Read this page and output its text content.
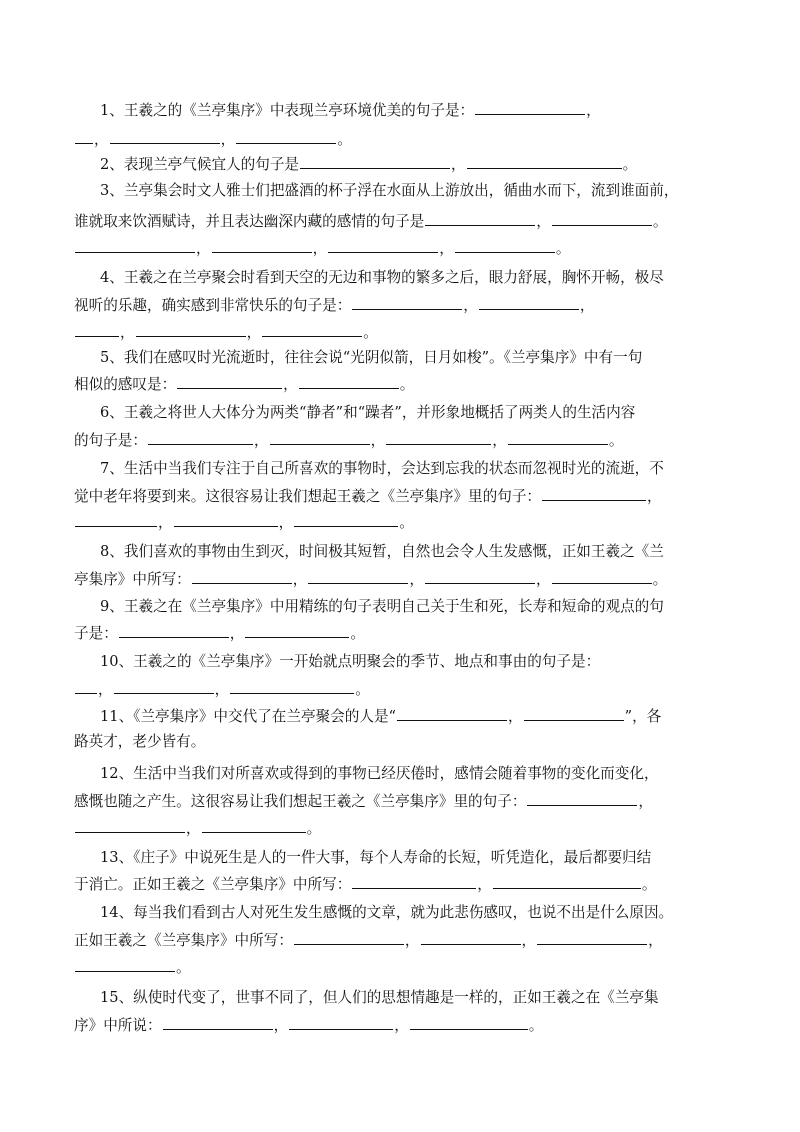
1、王羲之的《兰亭集序》中表现兰亭环境优美的句子是：	，
，	，	。
2、表现兰亭气候宜人的句子是	，	。
3、兰亭集会时文人雅士们把盛酒的杯子浮在水面从上游放出，循曲水而下，流到谁面前，
谁就取来饮酒赋诗，并且表达幽深内藏的感情的句子是	，	。
，	，	，	。
4、王羲之在兰亭聚会时看到天空的无边和事物的繁多之后，眼力舒展，胸怀开畅，极尽
视听的乐趣，确实感到非常快乐的句子是：	，	，
，	，	。
5、我们在感叹时光流逝时，往往会说“光阴似箭，日月如梭”。《兰亭集序》中有一句
相似的感叹是：	，	。
6、王羲之将世人大体分为两类“静者”和“躁者”，并形象地概括了两类人的生活内容
的句子是：	，	，	，	。
7、生活中当我们专注于自己所喜欢的事物时，会达到忘我的状态而忽视时光的流逝，不
觉中老年将要到来。这很容易让我们想起王羲之《兰亭集序》里的句子：	，
，	，	。
8、我们喜欢的事物由生到灭，时间极其短暂，自然也会令人生发感慨，正如王羲之《兰
亭集序》中所写：	，	，	，	。
9、王羲之在《兰亭集序》中用精练的句子表明自己关于生和死，长寿和短命的观点的句
子是：	，	。
10、王羲之的《兰亭集序》一开始就点明聚会的季节、地点和事由的句子是：
，	，	。
11、《兰亭集序》中交代了在兰亭聚会的人是“	，	”，各
路英才，老少皆有。
12、生活中当我们对所喜欢或得到的事物已经厌倦时，感情会随着事物的变化而变化，
感慨也随之产生。这很容易让我们想起王羲之《兰亭集序》里的句子：	，
，	。
13、《庄子》中说死生是人的一件大事，每个人寿命的长短，听凭造化，最后都要归结
于消亡。正如王羲之《兰亭集序》中所写：	，	。
14、每当我们看到古人对死生发生感慨的文章，就为此悲伤感叹，也说不出是什么原因。
正如王羲之《兰亭集序》中所写：	，	，	，
。
15、纵使时代变了，世事不同了，但人们的思想情趣是一样的，正如王羲之在《兰亭集
序》中所说：	，	，	。
